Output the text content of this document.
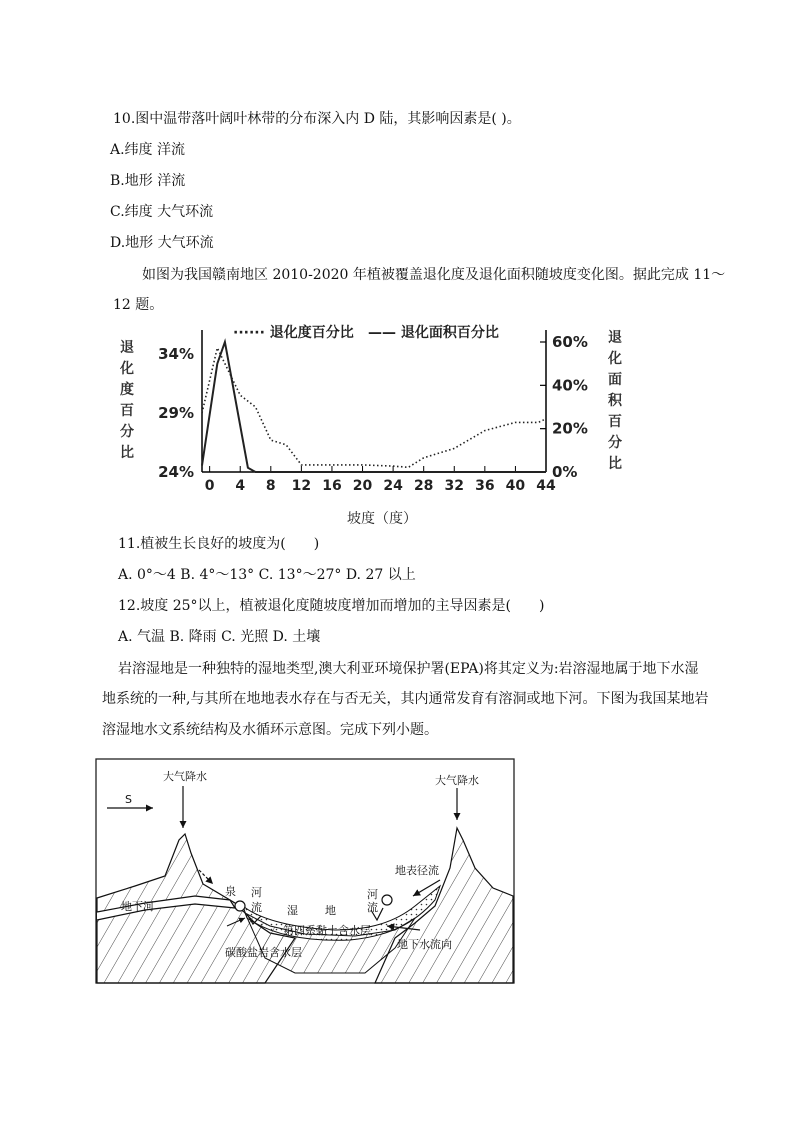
10.图中温带落叶阔叶林带的分布深入内 D 陆，其影响因素是( )。
A.纬度 洋流
B.地形 洋流
C.纬度 大气环流
D.地形 大气环流
如图为我国赣南地区 2010-2020 年植被覆盖退化度及退化面积随坡度变化图。据此完成 11～
12 题。
退
化
度
百
分
比
退
化
面
积
百
分
比
24%
29%
34%
0%
20%
40%
60%
0 4 8 12 16 20 24 28 32 36 40 44
······ 退化度百分比 —— 退化面积百分比
坡度（度）
11.植被生长良好的坡度为(　　)
A. 0°～4 B. 4°～13° C. 13°～27° D. 27 以上
12.坡度 25°以上，植被退化度随坡度增加而增加的主导因素是(　　)
A. 气温 B. 降雨 C. 光照 D. 土壤
岩溶湿地是一种独特的湿地类型,澳大利亚环境保护署(EPA)将其定义为:岩溶湿地属于地下水湿
地系统的一种,与其所在地地表水存在与否无关，其内通常发育有溶洞或地下河。下图为我国某地岩
溶湿地水文系统结构及水循环示意图。完成下列小题。
大气降水	大气降水
S
泉 河
流 湿 地
河
流
地表径流
地下河
第四系黏土含水层
地下水流向
碳酸盐岩含水层
